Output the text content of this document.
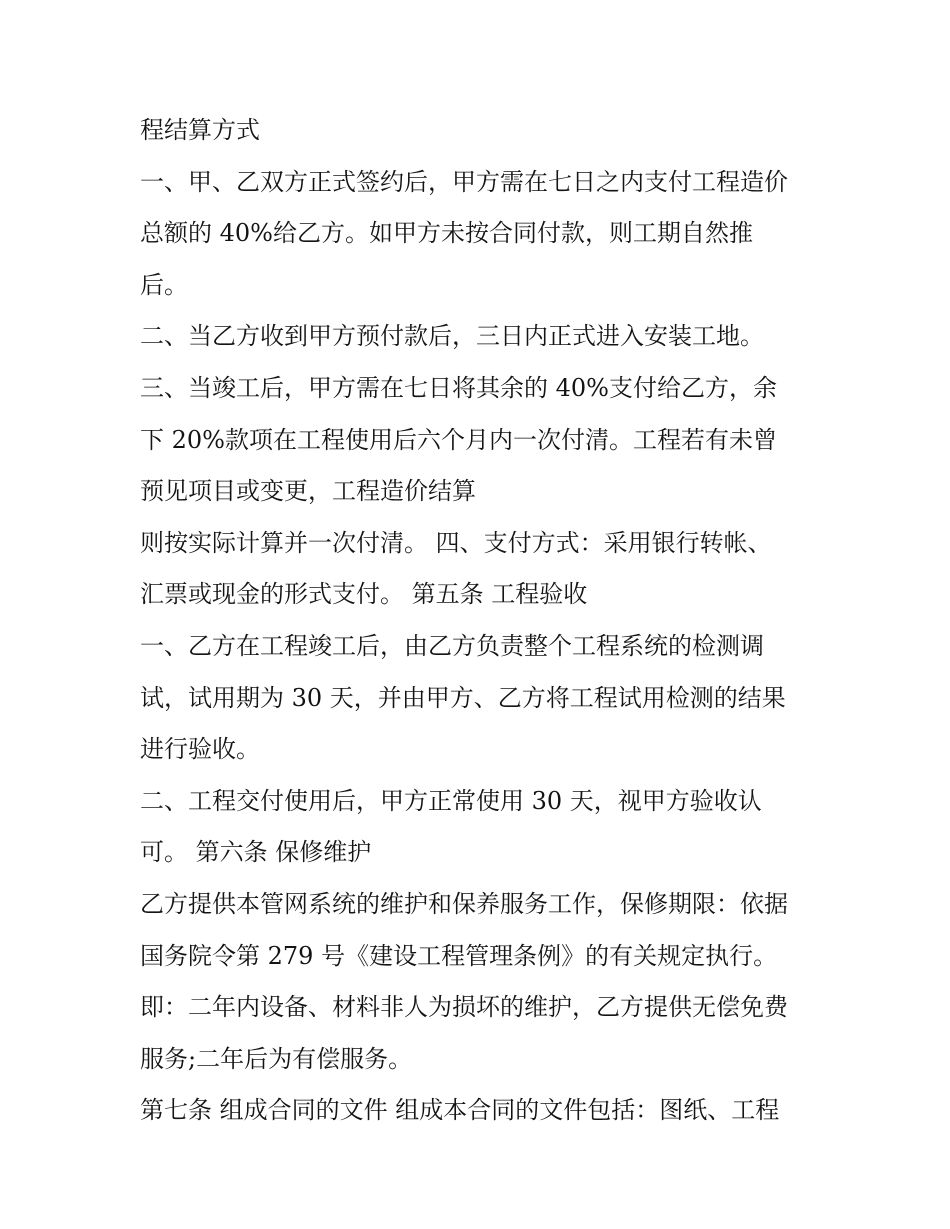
程结算方式
一、甲、乙双方正式签约后，甲方需在七日之内支付工程造价
总额的 40%给乙方。如甲方未按合同付款，则工期自然推
后。
二、当乙方收到甲方预付款后，三日内正式进入安装工地。
三、当竣工后，甲方需在七日将其余的 40%支付给乙方，余
下 20%款项在工程使用后六个月内一次付清。工程若有未曾
预见项目或变更，工程造价结算
则按实际计算并一次付清。 四、支付方式：采用银行转帐、
汇票或现金的形式支付。 第五条 工程验收
一、乙方在工程竣工后，由乙方负责整个工程系统的检测调
试，试用期为 30 天，并由甲方、乙方将工程试用检测的结果
进行验收。
二、工程交付使用后，甲方正常使用 30 天，视甲方验收认
可。 第六条 保修维护
乙方提供本管网系统的维护和保养服务工作，保修期限：依据
国务院令第 279 号《建设工程管理条例》的有关规定执行。
即：二年内设备、材料非人为损坏的维护，乙方提供无偿免费
服务;二年后为有偿服务。
第七条 组成合同的文件 组成本合同的文件包括：图纸、工程
